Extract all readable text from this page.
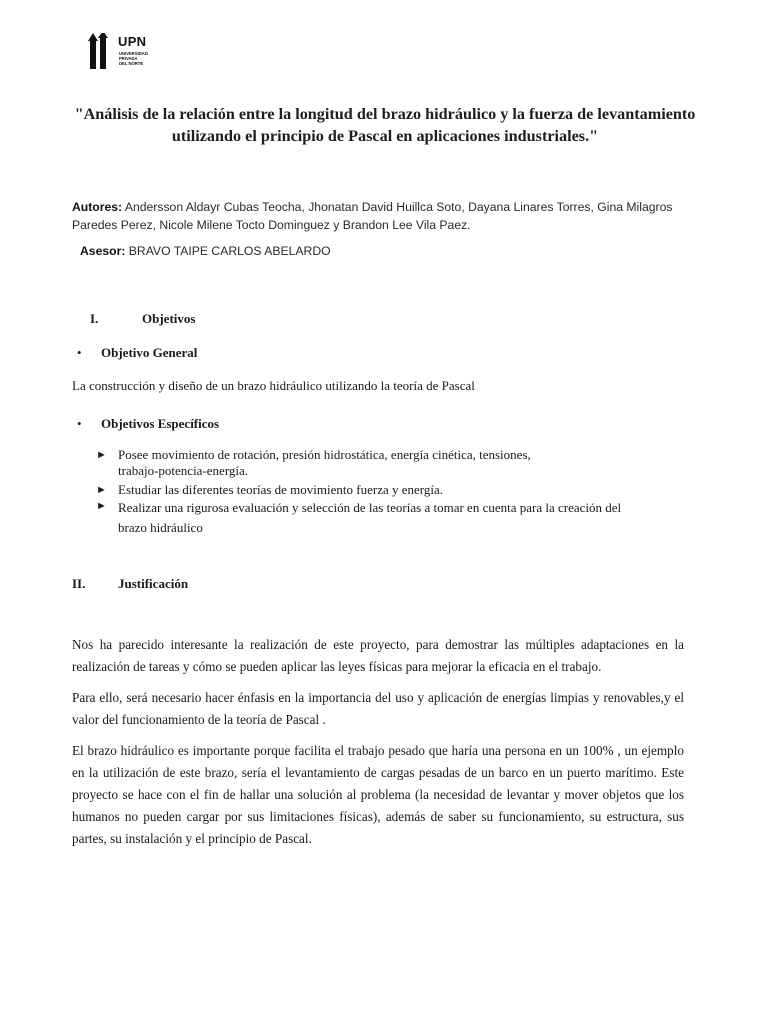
UPN
UNIVERSIDAD
PRIVADA
DEL NORTE
"Análisis de la relación entre la longitud del brazo hidráulico y la fuerza de levantamiento utilizando el principio de Pascal en aplicaciones industriales."
Autores: Andersson Aldayr Cubas Teocha, Jhonatan David Huillca Soto, Dayana Linares Torres, Gina Milagros Paredes Perez, Nicole Milene Tocto Dominguez y Brandon Lee Vila Paez.
Asesor: BRAVO TAIPE CARLOS ABELARDO
I.	Objetivos
• Objetivo General
La construcción y diseño de un brazo hidráulico utilizando la teoría de Pascal
• Objetivos Específicos
► Posee movimiento de rotación, presión hidrostática, energía cinética, tensiones,
trabajo-potencia-energía.
► Estudiar las diferentes teorías de movimiento fuerza y energía.
► Realizar una rigurosa evaluación y selección de las teorías a tomar en cuenta para la creación del
brazo hidráulico
II.	Justificación
Nos ha parecido interesante la realización de este proyecto, para demostrar las múltiples adaptaciones en la realización de tareas y cómo se pueden aplicar las leyes físicas para mejorar la eficacia en el trabajo.
Para ello, será necesario hacer énfasis en la importancia del uso y aplicación de energías limpias y renovables,y el valor del funcionamiento de la teoría de Pascal .
El brazo hidráulico es importante porque facilita el trabajo pesado que haría una persona en un 100% , un ejemplo en la utilización de este brazo, sería el levantamiento de cargas pesadas de un barco en un puerto marítimo. Este proyecto se hace con el fin de hallar una solución al problema (la necesidad de levantar y mover objetos que los humanos no pueden cargar por sus limitaciones físicas), además de saber su funcionamiento, su estructura, sus partes, su instalación y el principio de Pascal.
